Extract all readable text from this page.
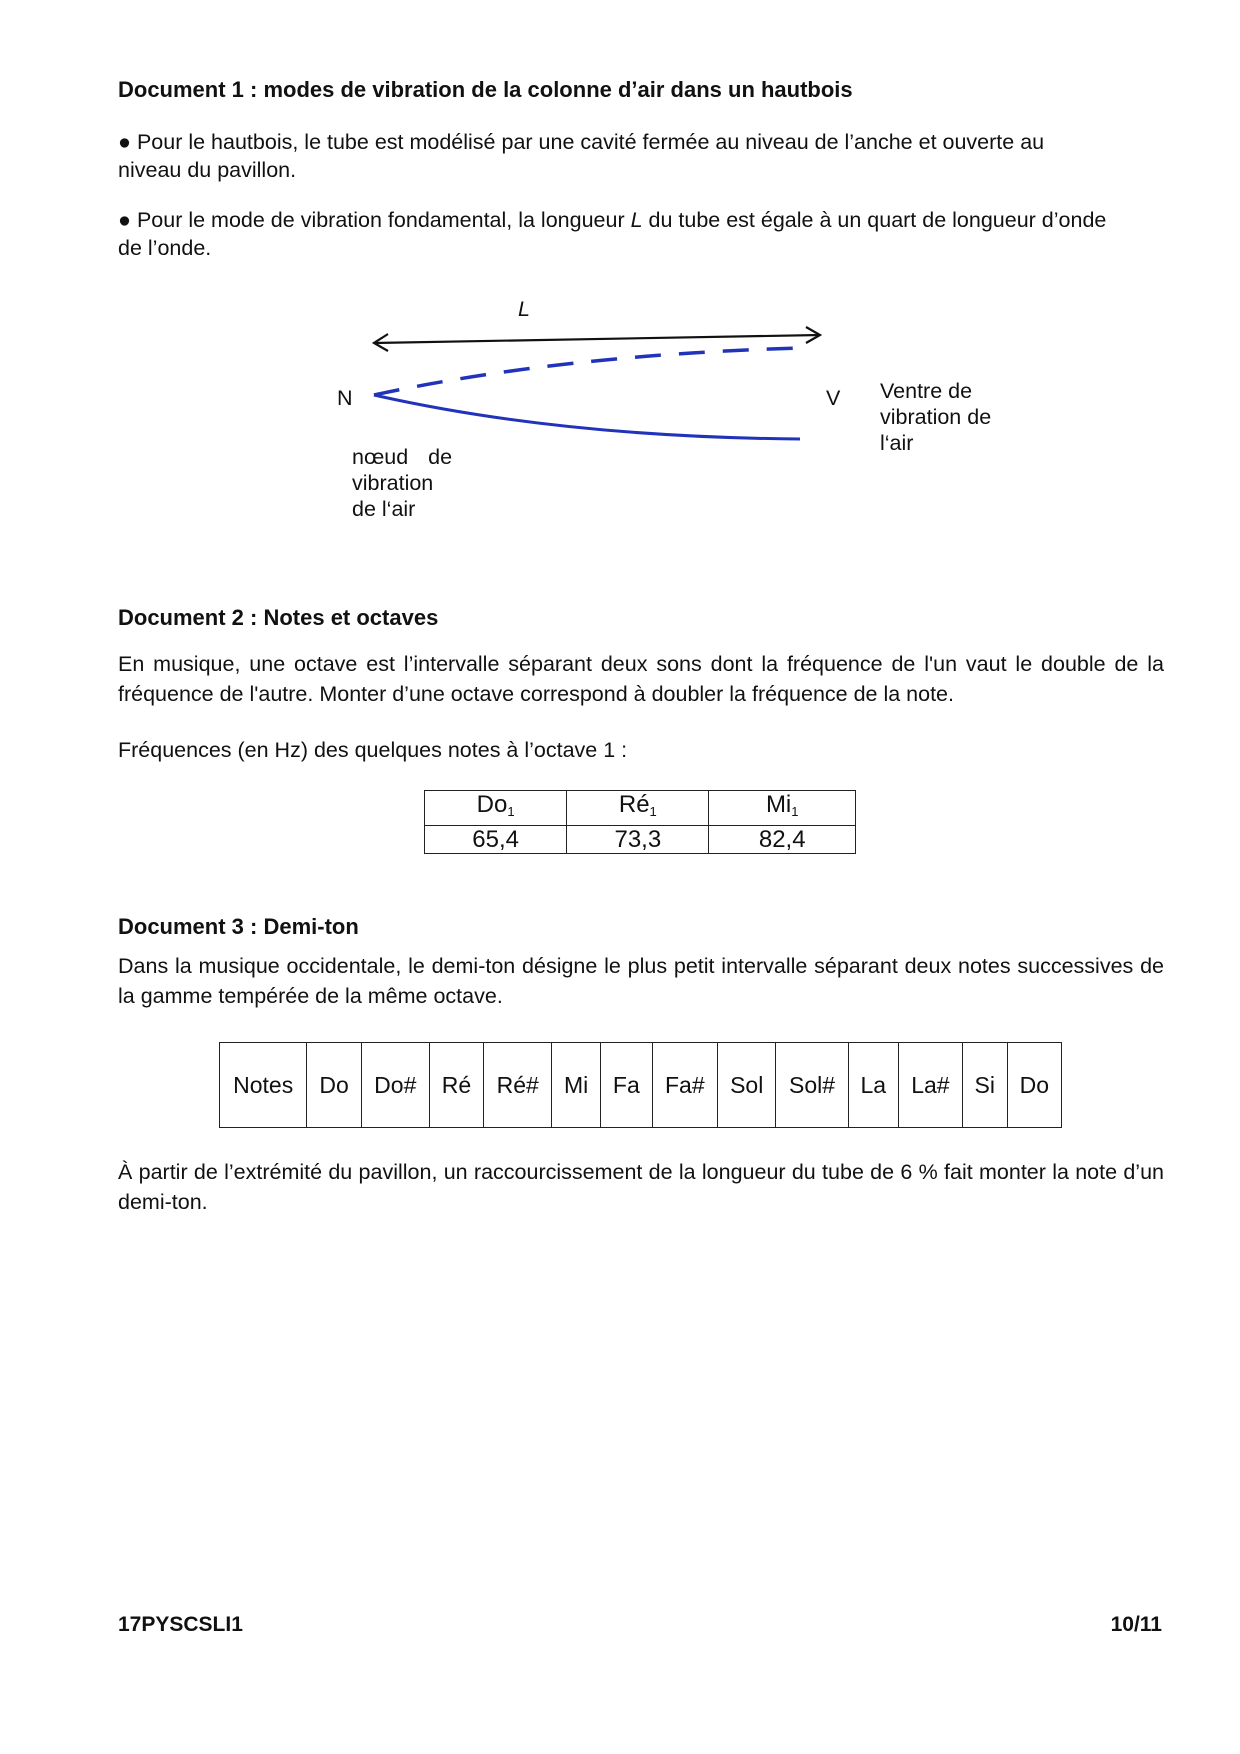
Document 1 : modes de vibration de la colonne d’air dans un hautbois
● Pour le hautbois, le tube est modélisé par une cavité fermée au niveau de l’anche et ouverte au niveau du pavillon.
● Pour le mode de vibration fondamental, la longueur L du tube est égale à un quart de longueur d’onde de l’onde.
L
N	V Ventre de
vibration de
l‘air
nœud de
vibration
de l‘air
Document 2 : Notes et octaves
En musique, une octave est l’intervalle séparant deux sons dont la fréquence de l'un vaut le double de la fréquence de l'autre. Monter d’une octave correspond à doubler la fréquence de la note.
Fréquences (en Hz) des quelques notes à l’octave 1 :
$Do_1$	$Ré_1$	$Mi_1$
65,4	73,3	82,4
Document 3 : Demi-ton
Dans la musique occidentale, le demi-ton désigne le plus petit intervalle séparant deux notes successives de la gamme tempérée de la même octave.
Notes	Do	Do#	Ré	Ré#	Mi	Fa	Fa#	Sol	Sol#	La	La#	Si	Do
À partir de l’extrémité du pavillon, un raccourcissement de la longueur du tube de 6 % fait monter la note d’un demi-ton.
17PYSCSLI1	10/11
